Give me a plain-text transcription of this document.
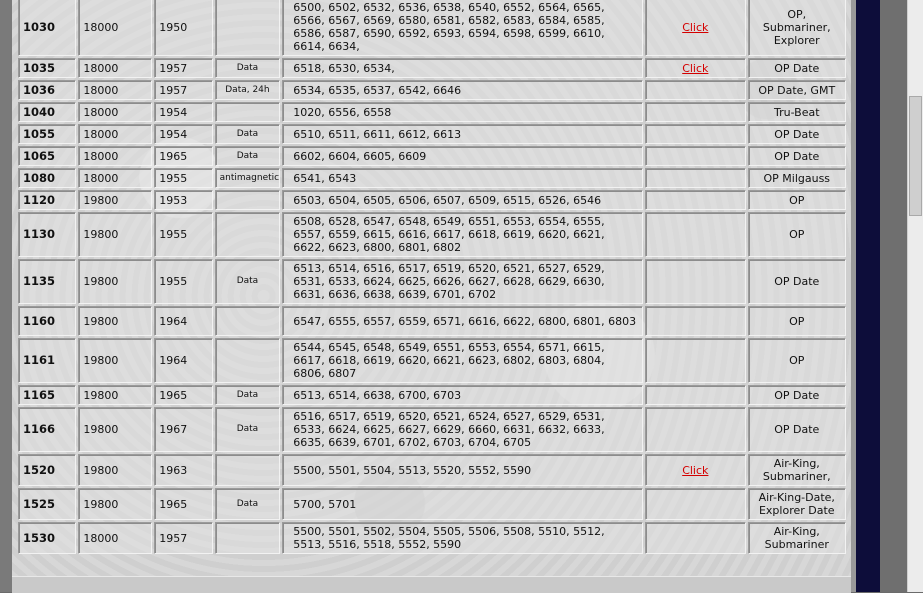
1030	18000	1950		6500, 6502, 6532, 6536, 6538, 6540, 6552, 6564, 6565, 6566, 6567, 6569, 6580, 6581, 6582, 6583, 6584, 6585, 6586, 6587, 6590, 6592, 6593, 6594, 6598, 6599, 6610, 6614, 6634,	Click	OP, Submariner, Explorer
1035	18000	1957	Data	6518, 6530, 6534,	Click	OP Date
1036	18000	1957	Data, 24h	6534, 6535, 6537, 6542, 6646		OP Date, GMT
1040	18000	1954		1020, 6556, 6558		Tru-Beat
1055	18000	1954	Data	6510, 6511, 6611, 6612, 6613		OP Date
1065	18000	1965	Data	6602, 6604, 6605, 6609		OP Date
1080	18000	1955	antimagnetic	6541, 6543		OP Milgauss
1120	19800	1953		6503, 6504, 6505, 6506, 6507, 6509, 6515, 6526, 6546		OP
1130	19800	1955		6508, 6528, 6547, 6548, 6549, 6551, 6553, 6554, 6555, 6557, 6559, 6615, 6616, 6617, 6618, 6619, 6620, 6621, 6622, 6623, 6800, 6801, 6802		OP
1135	19800	1955	Data	6513, 6514, 6516, 6517, 6519, 6520, 6521, 6527, 6529, 6531, 6533, 6624, 6625, 6626, 6627, 6628, 6629, 6630, 6631, 6636, 6638, 6639, 6701, 6702		OP Date
1160	19800	1964		6547, 6555, 6557, 6559, 6571, 6616, 6622, 6800, 6801, 6803		OP
1161	19800	1964		6544, 6545, 6548, 6549, 6551, 6553, 6554, 6571, 6615, 6617, 6618, 6619, 6620, 6621, 6623, 6802, 6803, 6804, 6806, 6807		OP
1165	19800	1965	Data	6513, 6514, 6638, 6700, 6703		OP Date
1166	19800	1967	Data	6516, 6517, 6519, 6520, 6521, 6524, 6527, 6529, 6531, 6533, 6624, 6625, 6627, 6629, 6660, 6631, 6632, 6633, 6635, 6639, 6701, 6702, 6703, 6704, 6705		OP Date
1520	19800	1963		5500, 5501, 5504, 5513, 5520, 5552, 5590	Click	Air-King, Submariner,
1525	19800	1965	Data	5700, 5701		Air-King-Date, Explorer Date
1530	18000	1957		5500, 5501, 5502, 5504, 5505, 5506, 5508, 5510, 5512, 5513, 5516, 5518, 5552, 5590		Air-King, Submariner
